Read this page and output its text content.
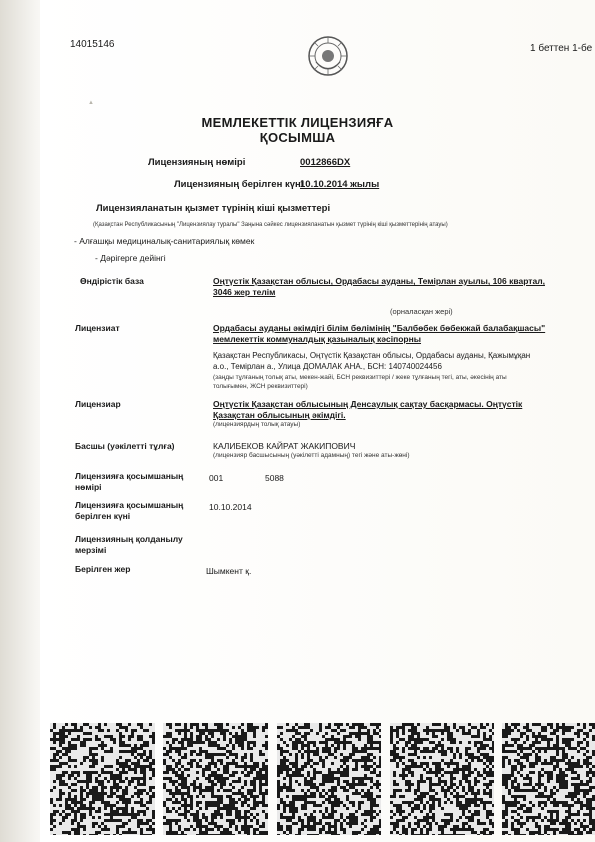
14015146	1 беттен 1-бе
▲
МЕМЛЕКЕТТІК ЛИЦЕНЗИЯҒА
ҚОСЫМША
Лицензияның нөмірі	0012866DX
Лицензияның берілген күні
10.10.2014 жылы
Лицензияланатын қызмет түрінің кіші қызметтері
(Қазақстан Республикасының "Лицензиялау туралы" Заңына сәйкес лицензияланатын қызмет түрінің кіші қызметтерінің атауы)
- Алғашқы медициналық-санитариялық көмек
- Дәрігерге дейінгі
Өндірістік база	Оңтүстік Қазақстан облысы, Ордабасы ауданы, Темірлан ауылы, 106 квартал,
3046 жер телім
(орналасқан жері)
Лицензиат	Ордабасы ауданы әкімдігі білім бөлімінің "Балбөбек бөбекжай балабақшасы"
мемлекеттік коммуналдық қазыналық кәсіпорны
Қазақстан Республикасы, Оңтүстік Қазақстан облысы, Ордабасы ауданы, Қажымұқан
а.о., Темірлан а., Улица ДОМАЛАК АНА., БСН: 140740024456
(заңды тұлғаның толық аты, мекен-жайі, БСН реквизиттері / жеке тұлғаның тегі, аты, әкесінің аты
толығымен, ЖСН реквизиттері)
Лицензиар	Оңтүстік Қазақстан облысының Денсаулық сақтау басқармасы. Оңтүстік
Қазақстан облысының әкімдігі.
(лицензиярдың толық атауы)
Басшы (уәкілетті тұлға)	КАЛИБЕКОВ КАЙРАТ ЖАКИПОВИЧ
(лицензияр басшысының (уәкілетті адамның) тегі және аты-жөні)
Лицензияға қосымшаның
нөмірі
001	5088
Лицензияға қосымшаның
берілген күні
10.10.2014
Лицензияның қолданылу
мерзімі
Берілген жер	Шымкент қ.
